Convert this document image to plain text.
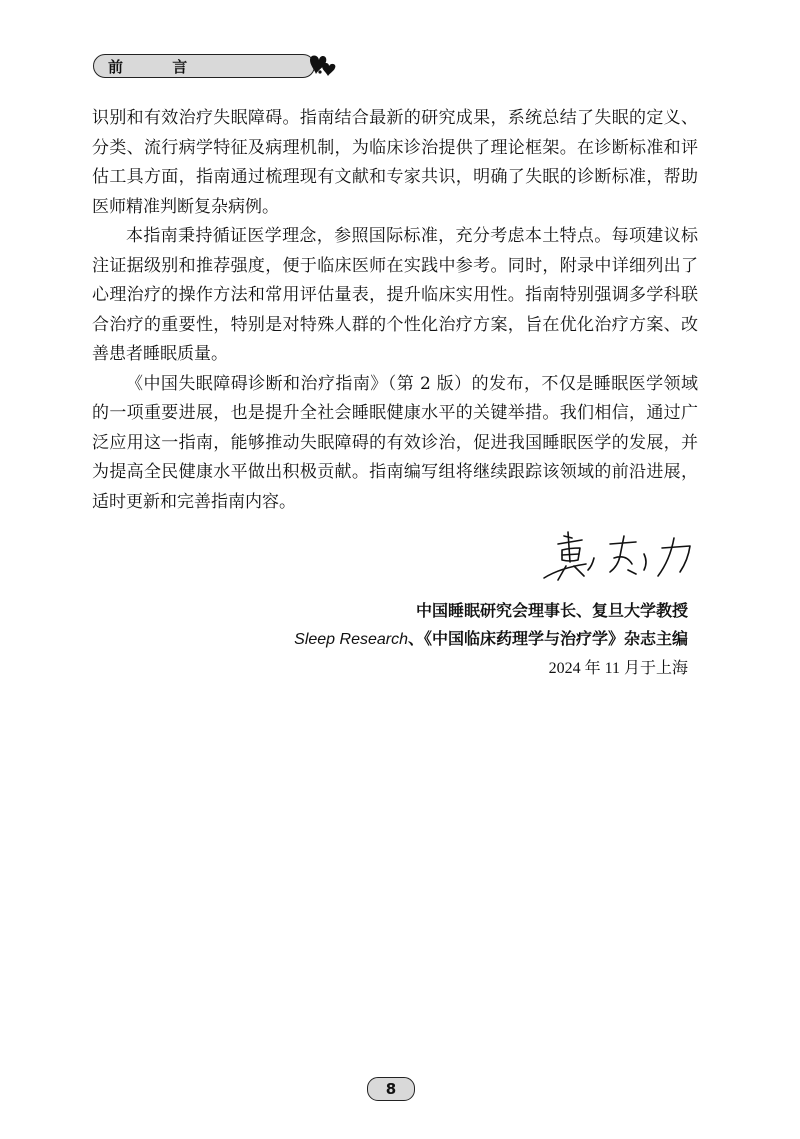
前 言

识别和有效治疗失眠障碍。指南结合最新的研究成果，系统总结了失眠的定义、分类、流行病学特征及病理机制，为临床诊治提供了理论框架。在诊断标准和评估工具方面，指南通过梳理现有文献和专家共识，明确了失眠的诊断标准，帮助医师精准判断复杂病例。

本指南秉持循证医学理念，参照国际标准，充分考虑本土特点。每项建议标注证据级别和推荐强度，便于临床医师在实践中参考。同时，附录中详细列出了心理治疗的操作方法和常用评估量表，提升临床实用性。指南特别强调多学科联合治疗的重要性，特别是对特殊人群的个性化治疗方案，旨在优化治疗方案、改善患者睡眠质量。

《中国失眠障碍诊断和治疗指南》（第 2 版）的发布，不仅是睡眠医学领域的一项重要进展，也是提升全社会睡眠健康水平的关键举措。我们相信，通过广泛应用这一指南，能够推动失眠障碍的有效诊治，促进我国睡眠医学的发展，并为提高全民健康水平做出积极贡献。指南编写组将继续跟踪该领域的前沿进展，适时更新和完善指南内容。

中国睡眠研究会理事长、复旦大学教授
Sleep Research、《中国临床药理学与治疗学》杂志主编
2024 年 11 月于上海
8
